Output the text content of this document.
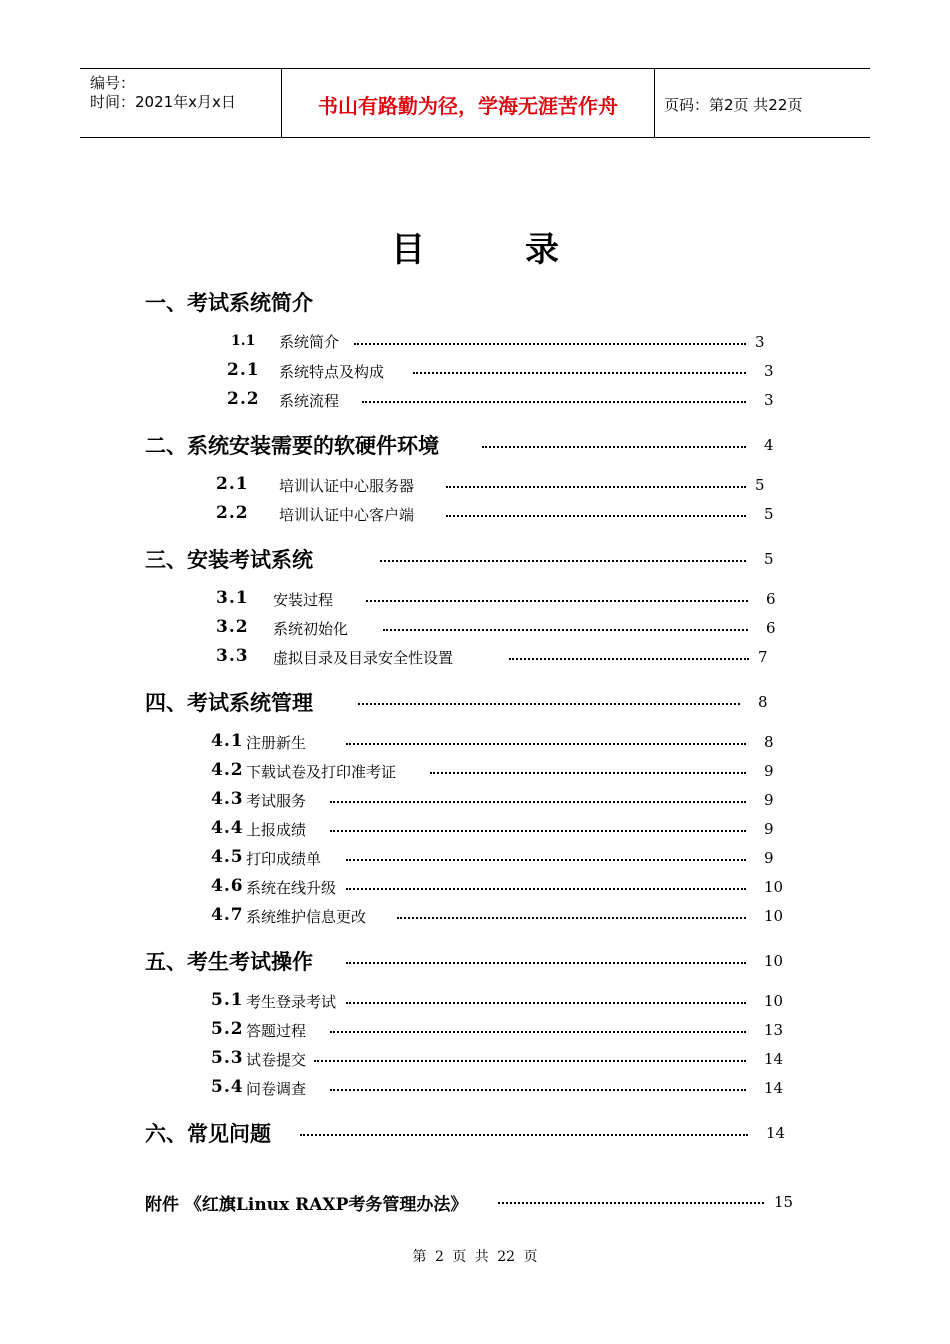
编号：
时间：2021年x月x日	书山有路勤为径，学海无涯苦作舟	页码：第2页 共22页
目录
一、考试系统简介
1.1 系统简介	3
2.1 系统特点及构成	3
2.2 系统流程	3
二、系统安装需要的软硬件环境	4
2.1 培训认证中心服务器	5
2.2 培训认证中心客户端	5
三、安装考试系统	5
3.1 安装过程	6
3.2 系统初始化	6
3.3 虚拟目录及目录安全性设置	7
四、考试系统管理	8
4.1 注册新生	8
4.2 下载试卷及打印准考证	9
4.3 考试服务	9
4.4 上报成绩	9
4.5 打印成绩单	9
4.6 系统在线升级	10
4.7 系统维护信息更改	10
五、考生考试操作	10
5.1 考生登录考试	10
5.2 答题过程	13
5.3 试卷提交	14
5.4 问卷调查	14
六、常见问题	14
附件 《红旗Linux RAXP考务管理办法》	15
第 2 页 共 22 页
